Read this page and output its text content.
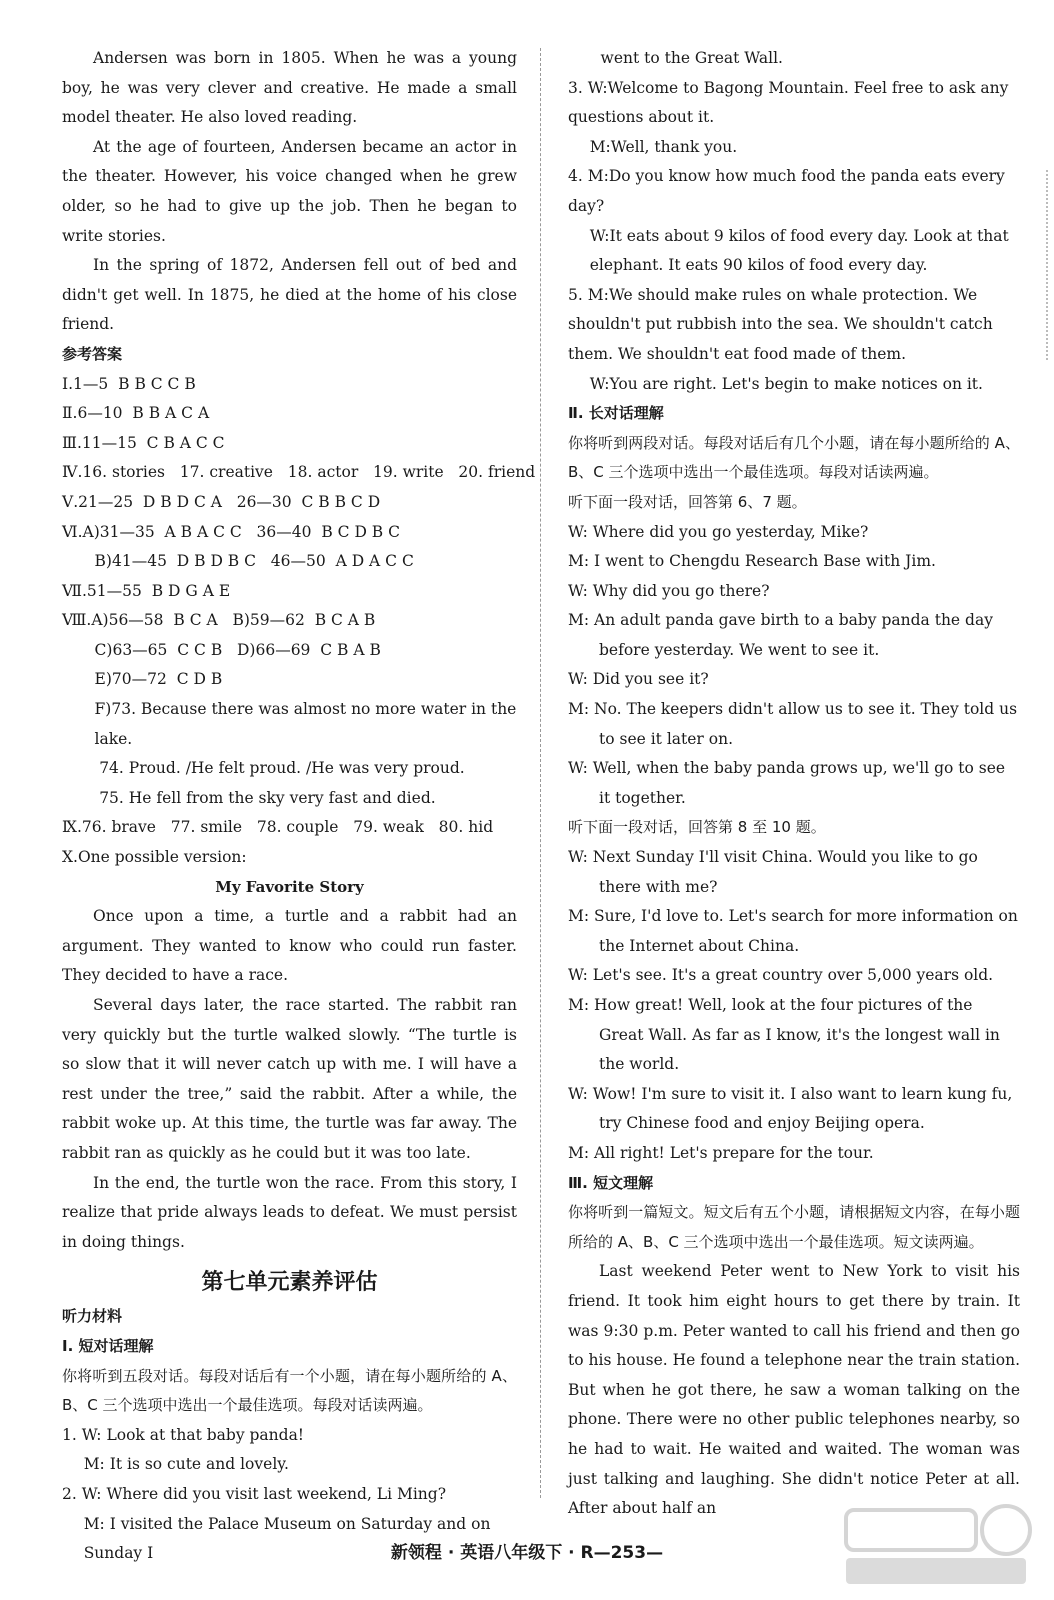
Andersen was born in 1805. When he was a young boy, he was very clever and creative. He made a small model theater. He also loved reading.

At the age of fourteen, Andersen became an actor in the theater. However, his voice changed when he grew older, so he had to give up the job. Then he began to write stories.

In the spring of 1872, Andersen fell out of bed and didn't get well. In 1875, he died at the home of his close friend.

参考答案

Ⅰ.1—5  B B C C B

Ⅱ.6—10  B B A C A

Ⅲ.11—15  C B A C C

Ⅳ.16. stories   17. creative   18. actor   19. write   20. friend

Ⅴ.21—25  D B D C A   26—30  C B B C D

Ⅵ.A)31—35  A B A C C   36—40  B C D B C

B)41—45  D B D B C   46—50  A D A C C

Ⅶ.51—55  B D G A E

Ⅷ.A)56—58  B C A   B)59—62  B C A B

C)63—65  C C B   D)66—69  C B A B

E)70—72  C D B

F)73. Because there was almost no more water in the lake.

74. Proud. /He felt proud. /He was very proud.

75. He fell from the sky very fast and died.

Ⅸ.76. brave   77. smile   78. couple   79. weak   80. hid

Ⅹ.One possible version:

My Favorite Story

Once upon a time, a turtle and a rabbit had an argument. They wanted to know who could run faster. They decided to have a race.

Several days later, the race started. The rabbit ran very quickly but the turtle walked slowly. “The turtle is so slow that it will never catch up with me. I will have a rest under the tree,” said the rabbit. After a while, the rabbit woke up. At this time, the turtle was far away. The rabbit ran as quickly as he could but it was too late.

In the end, the turtle won the race. From this story, I realize that pride always leads to defeat. We must persist in doing things.

第七单元素养评估

听力材料

Ⅰ. 短对话理解

你将听到五段对话。每段对话后有一个小题，请在每小题所给的 A、B、C 三个选项中选出一个最佳选项。每段对话读两遍。

1. W: Look at that baby panda!

M: It is so cute and lovely.

2. W: Where did you visit last weekend, Li Ming?

M: I visited the Palace Museum on Saturday and on Sunday I

went to the Great Wall.

3. W:Welcome to Bagong Mountain. Feel free to ask any questions about it.

M:Well, thank you.

4. M:Do you know how much food the panda eats every day?

W:It eats about 9 kilos of food every day. Look at that elephant. It eats 90 kilos of food every day.

5. M:We should make rules on whale protection. We shouldn't put rubbish into the sea. We shouldn't catch them. We shouldn't eat food made of them.

W:You are right. Let's begin to make notices on it.

Ⅱ. 长对话理解

你将听到两段对话。每段对话后有几个小题，请在每小题所给的 A、B、C 三个选项中选出一个最佳选项。每段对话读两遍。

听下面一段对话，回答第 6、7 题。

W: Where did you go yesterday, Mike?

M: I went to Chengdu Research Base with Jim.

W: Why did you go there?

M: An adult panda gave birth to a baby panda the day before yesterday. We went to see it.

W: Did you see it?

M: No. The keepers didn't allow us to see it. They told us to see it later on.

W: Well, when the baby panda grows up, we'll go to see it together.

听下面一段对话，回答第 8 至 10 题。

W: Next Sunday I'll visit China. Would you like to go there with me?

M: Sure, I'd love to. Let's search for more information on the Internet about China.

W: Let's see. It's a great country over 5,000 years old.

M: How great! Well, look at the four pictures of the Great Wall. As far as I know, it's the longest wall in the world.

W: Wow! I'm sure to visit it. I also want to learn kung fu, try Chinese food and enjoy Beijing opera.

M: All right! Let's prepare for the tour.

Ⅲ. 短文理解

你将听到一篇短文。短文后有五个小题，请根据短文内容，在每小题所给的 A、B、C 三个选项中选出一个最佳选项。短文读两遍。

Last weekend Peter went to New York to visit his friend. It took him eight hours to get there by train. It was 9:30 p.m. Peter wanted to call his friend and then go to his house. He found a telephone near the train station. But when he got there, he saw a woman talking on the phone. There were no other public telephones nearby, so he had to wait. He waited and waited. The woman was just talking and laughing. She didn't notice Peter at all. After about half an

新领程 · 英语八年级下 · R—253—
